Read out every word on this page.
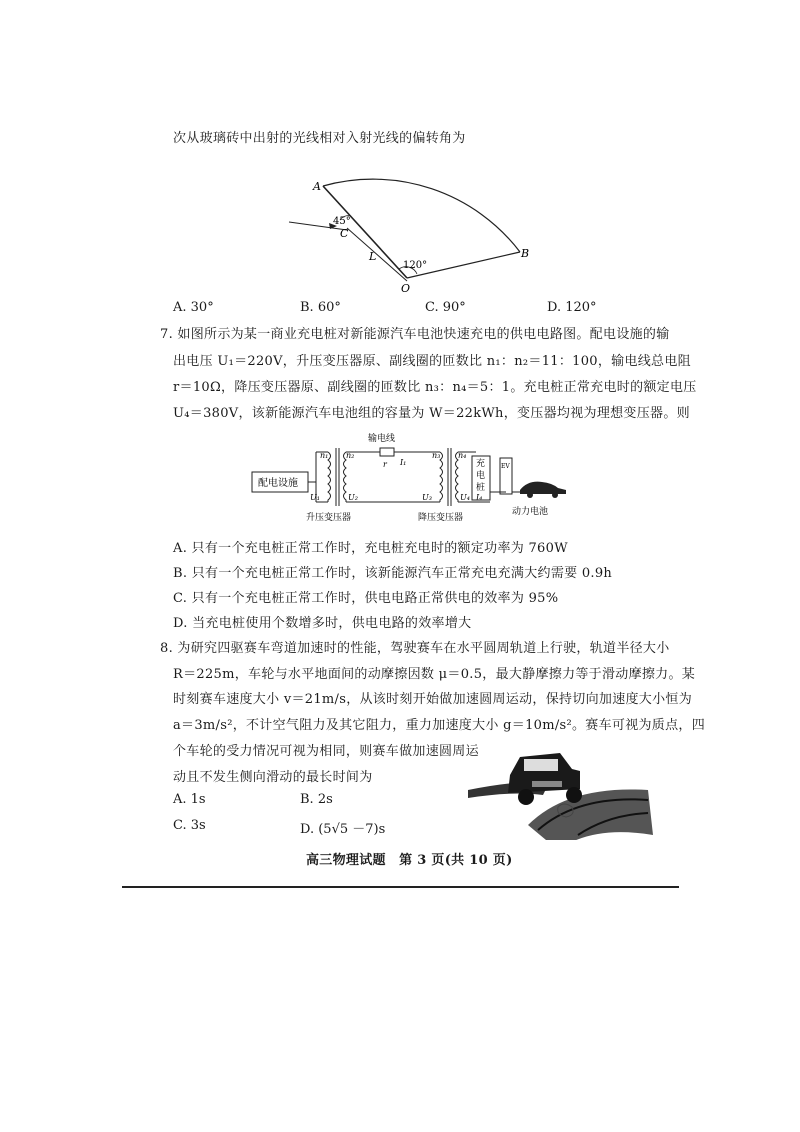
次从玻璃砖中出射的光线相对入射光线的偏转角为
A
B
C
O
L
45°
120°
A. 30°	B. 60°	C. 90°	D. 120°
7. 如图所示为某一商业充电桩对新能源汽车电池快速充电的供电电路图。配电设施的输
出电压 U₁＝220V，升压变压器原、副线圈的匝数比 n₁：n₂＝11：100，输电线总电阻
r＝10Ω，降压变压器原、副线圈的匝数比 n₃：n₄＝5：1。充电桩正常充电时的额定电压
U₄＝380V，该新能源汽车电池组的容量为 W＝22kWh，变压器均视为理想变压器。则
配电设施
n₁ n₂
U₁	U₂
输电线
r I₁
n₃ n₄
U₃	U₄ I₄
充电桩
EV
升压变压器	降压变压器
动力电池
A. 只有一个充电桩正常工作时，充电桩充电时的额定功率为 760W
B. 只有一个充电桩正常工作时，该新能源汽车正常充电充满大约需要 0.9h
C. 只有一个充电桩正常工作时，供电电路正常供电的效率为 95%
D. 当充电桩使用个数增多时，供电电路的效率增大
8. 为研究四驱赛车弯道加速时的性能，驾驶赛车在水平圆周轨道上行驶，轨道半径大小
R＝225m，车轮与水平地面间的动摩擦因数 μ＝0.5，最大静摩擦力等于滑动摩擦力。某
时刻赛车速度大小 v＝21m/s，从该时刻开始做加速圆周运动，保持切向加速度大小恒为
a＝3m/s²，不计空气阻力及其它阻力，重力加速度大小 g＝10m/s²。赛车可视为质点，四
个车轮的受力情况可视为相同，则赛车做加速圆周运
动且不发生侧向滑动的最长时间为
A. 1s	B. 2s
C. 3s	D. (5√5 －7)s
高三物理试题　第 3 页(共 10 页)
